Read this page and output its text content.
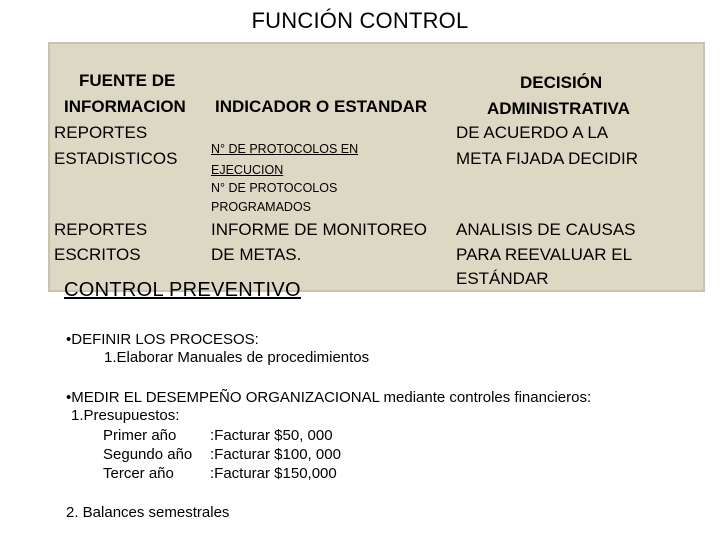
FUNCIÓN CONTROL
FUENTE DE
INFORMACION INDICADOR O ESTANDAR
DECISIÓN
ADMINISTRATIVA
REPORTES
ESTADISTICOS	N° DE PROTOCOLOS EN
EJECUCION
N° DE PROTOCOLOS
PROGRAMADOS
DE ACUERDO A LA
META FIJADA DECIDIR
REPORTES
ESCRITOS
INFORME DE MONITOREO
DE METAS.
ANALISIS DE CAUSAS
PARA REEVALUAR EL
ESTÁNDAR
CONTROL PREVENTIVO
•DEFINIR LOS PROCESOS:
1.Elaborar Manuales de procedimientos
•MEDIR EL DESEMPEÑO ORGANIZACIONAL mediante controles financieros:
1.Presupuestos:
Primer año :Facturar $50, 000
Segundo año :Facturar $100, 000
Tercer año :Facturar $150,000
2. Balances semestrales
